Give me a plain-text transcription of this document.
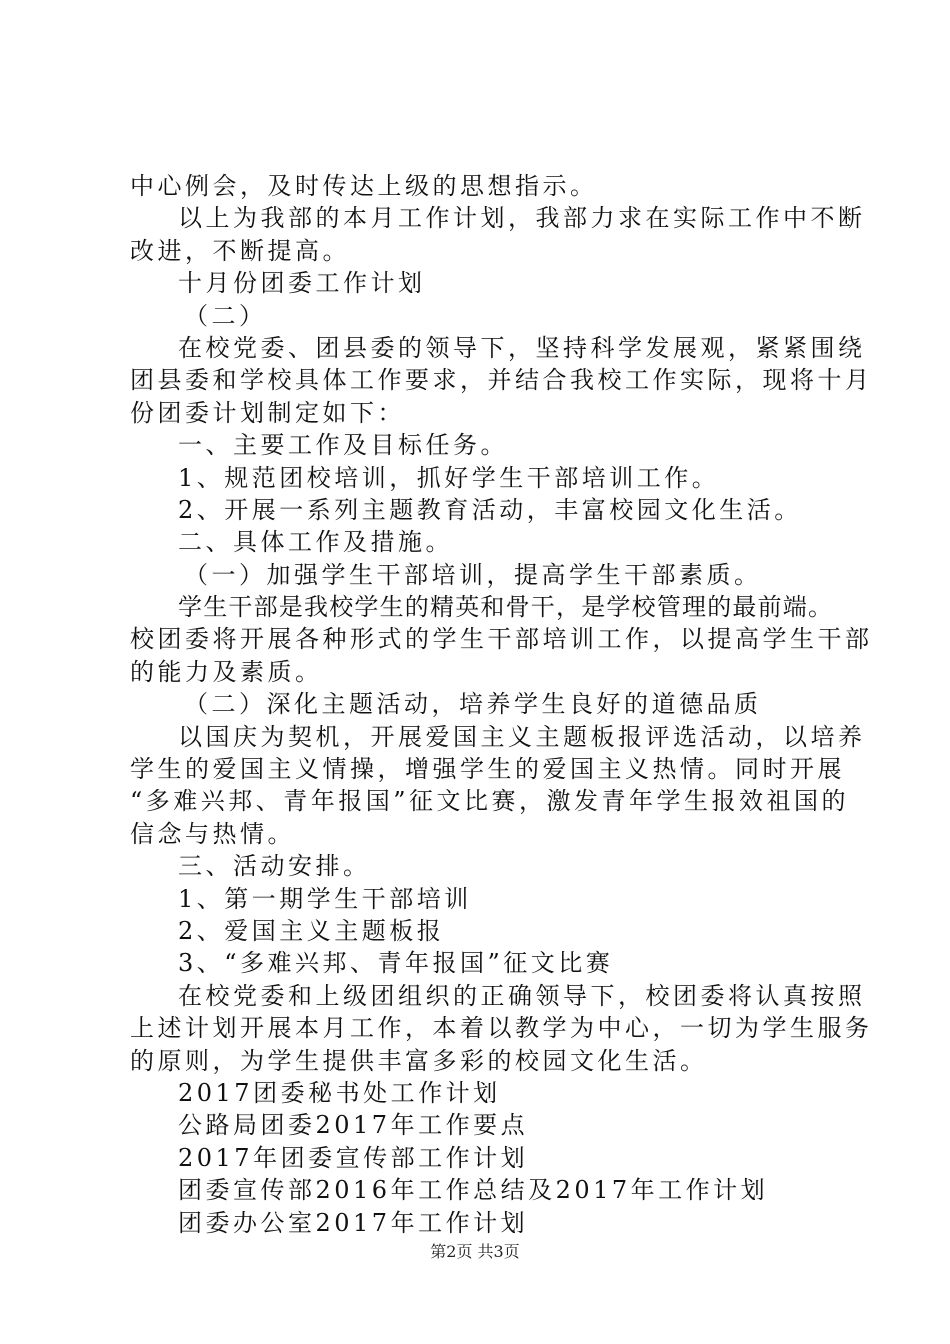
中心例会，及时传达上级的思想指示。
以上为我部的本月工作计划，我部力求在实际工作中不断
改进，不断提高。
十月份团委工作计划
（二）
在校党委、团县委的领导下，坚持科学发展观，紧紧围绕
团县委和学校具体工作要求，并结合我校工作实际，现将十月
份团委计划制定如下：
一、主要工作及目标任务。
1、规范团校培训，抓好学生干部培训工作。
2、开展一系列主题教育活动，丰富校园文化生活。
二、具体工作及措施。
（一）加强学生干部培训，提高学生干部素质。
学生干部是我校学生的精英和骨干，是学校管理的最前端。
校团委将开展各种形式的学生干部培训工作，以提高学生干部
的能力及素质。
（二）深化主题活动，培养学生良好的道德品质
以国庆为契机，开展爱国主义主题板报评选活动，以培养
学生的爱国主义情操，增强学生的爱国主义热情。同时开展
“多难兴邦、青年报国”征文比赛，激发青年学生报效祖国的
信念与热情。
三、活动安排。
1、第一期学生干部培训
2、爱国主义主题板报
3、“多难兴邦、青年报国”征文比赛
在校党委和上级团组织的正确领导下，校团委将认真按照
上述计划开展本月工作，本着以教学为中心，一切为学生服务
的原则，为学生提供丰富多彩的校园文化生活。
2017团委秘书处工作计划
公路局团委2017年工作要点
2017年团委宣传部工作计划
团委宣传部2016年工作总结及2017年工作计划
团委办公室2017年工作计划
第2页 共3页
